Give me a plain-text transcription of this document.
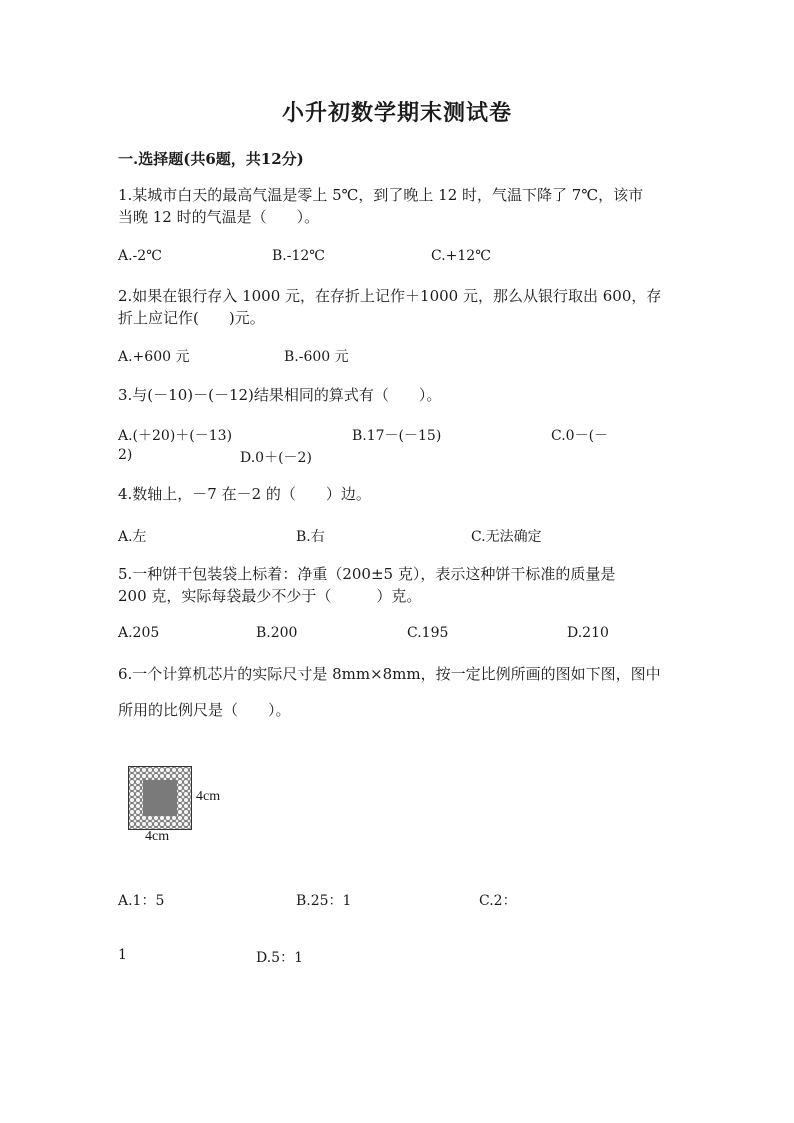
小升初数学期末测试卷
一.选择题(共6题，共12分)
1.某城市白天的最高气温是零上 5℃，到了晚上 12 时，气温下降了 7℃，该市
当晚 12 时的气温是（　　）。
A.-2℃	B.-12℃	C.+12℃
2.如果在银行存入 1000 元，在存折上记作＋1000 元，那么从银行取出 600，存
折上应记作(　　)元。
A.+600 元	B.-600 元
3.与(－10)－(－12)结果相同的算式有（　　）。
A.(＋20)＋(－13)	B.17－(－15)	C.0－(－
2)	D.0＋(－2)
4.数轴上，－7 在－2 的（　　）边。
A.左	B.右	C.无法确定
5.一种饼干包装袋上标着：净重（200±5 克），表示这种饼干标准的质量是
200 克，实际每袋最少不少于（　　　）克。
A.205	B.200	C.195	D.210
6.一个计算机芯片的实际尺寸是 8mm×8mm，按一定比例所画的图如下图，图中
所用的比例尺是（　　）。
4cm
4cm
A.1：5	B.25：1	C.2：
1	D.5：1
